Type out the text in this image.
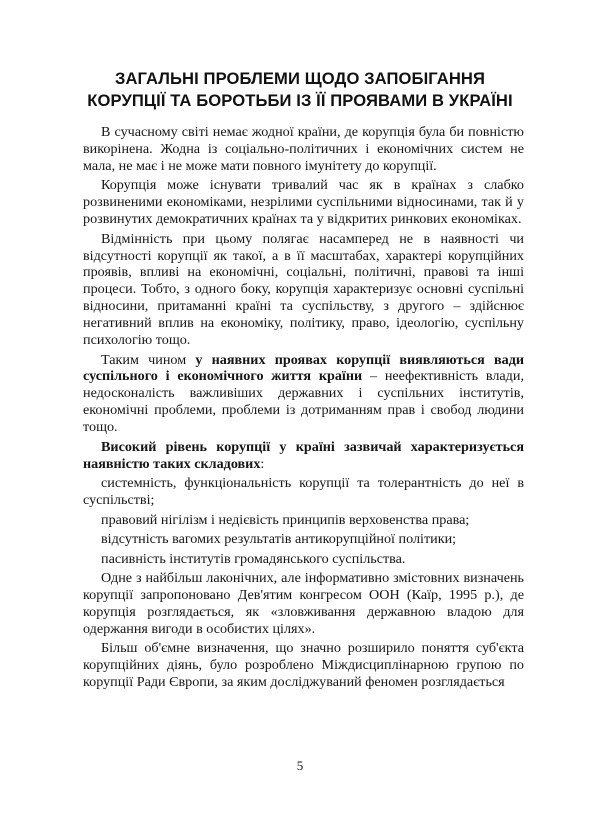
ЗАГАЛЬНІ ПРОБЛЕМИ ЩОДО ЗАПОБІГАННЯ
КОРУПЦІЇ ТА БОРОТЬБИ ІЗ ЇЇ ПРОЯВАМИ В УКРАЇНІ

В сучасному світі немає жодної країни, де корупція була би повністю викорінена. Жодна із соціально-політичних і економічних систем не мала, не має і не може мати повного імунітету до корупції.

Корупція може існувати тривалий час як в країнах з слабко розвиненими економіками, незрілими суспільними відносинами, так й у розвинутих демократичних країнах та у відкритих ринкових економіках.

Відмінність при цьому полягає насамперед не в наявності чи відсутності корупції як такої, а в її масштабах, характері корупційних проявів, впливі на економічні, соціальні, політичні, правові та інші процеси. Тобто, з одного боку, корупція характеризує основні суспільні відносини, притаманні країні та суспільству, з другого – здійснює негативний вплив на економіку, політику, право, ідеологію, суспільну психологію тощо.

Таким чином у наявних проявах корупції виявляються вади суспільного і економічного життя країни – неефективність влади, недосконалість важливіших державних і суспільних інститутів, економічні проблеми, проблеми із дотриманням прав і свобод людини тощо.

Високий рівень корупції у країні зазвичай характеризується наявністю таких складових:

системність, функціональність корупції та толерантність до неї в суспільстві;

правовий нігілізм і недієвість принципів верховенства права;

відсутність вагомих результатів антикорупційної політики;

пасивність інститутів громадянського суспільства.

Одне з найбільш лаконічних, але інформативно змістовних визначень корупції запропоновано Дев'ятим конгресом ООН (Каїр, 1995 р.), де корупція розглядається, як «зловживання державною владою для одержання вигоди в особистих цілях».

Більш об'ємне визначення, що значно розширило поняття суб'єкта корупційних діянь, було розроблено Міждисциплінарною групою по корупції Ради Європи, за яким досліджуваний феномен розглядається

5
